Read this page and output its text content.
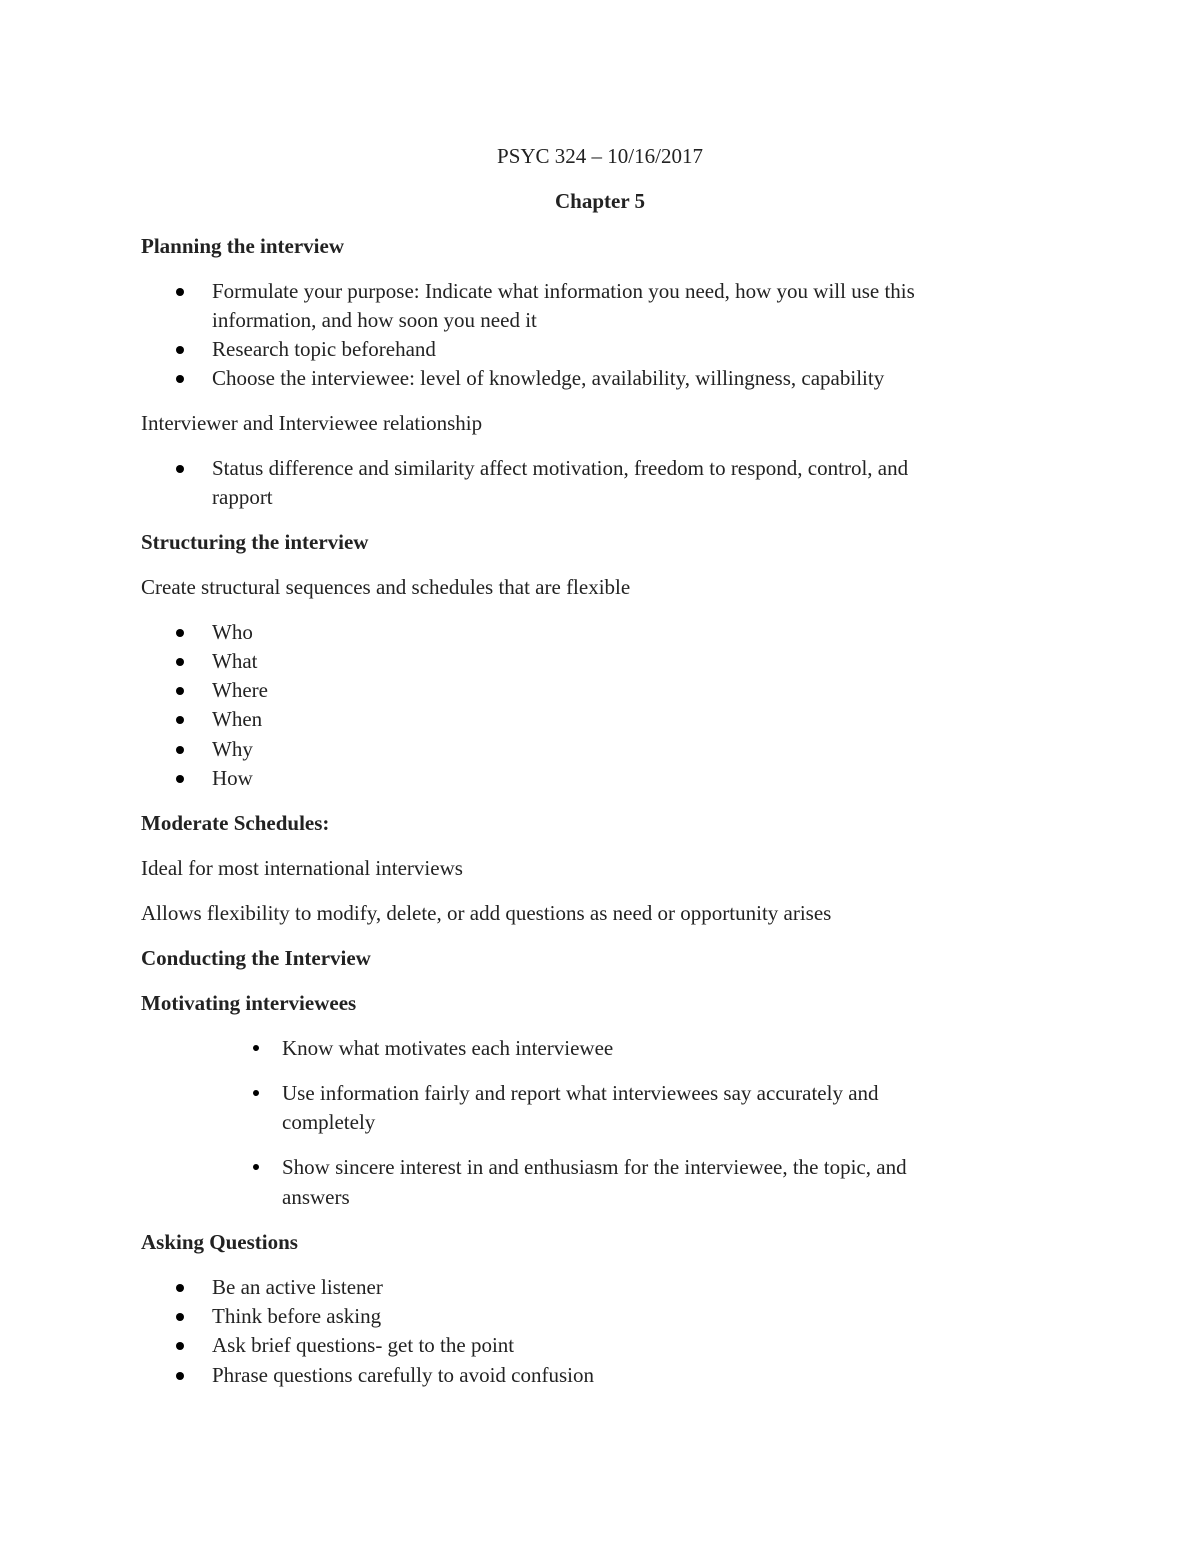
PSYC 324 – 10/16/2017
Chapter 5
Planning the interview
Formulate your purpose: Indicate what information you need, how you will use this
information, and how soon you need it
Research topic beforehand
Choose the interviewee: level of knowledge, availability, willingness, capability
Interviewer and Interviewee relationship
Status difference and similarity affect motivation, freedom to respond, control, and
rapport
Structuring the interview
Create structural sequences and schedules that are flexible
Who
What
Where
When
Why
How
Moderate Schedules:
Ideal for most international interviews
Allows flexibility to modify, delete, or add questions as need or opportunity arises
Conducting the Interview
Motivating interviewees
Know what motivates each interviewee
Use information fairly and report what interviewees say accurately and
completely
Show sincere interest in and enthusiasm for the interviewee, the topic, and
answers
Asking Questions
Be an active listener
Think before asking
Ask brief questions- get to the point
Phrase questions carefully to avoid confusion
